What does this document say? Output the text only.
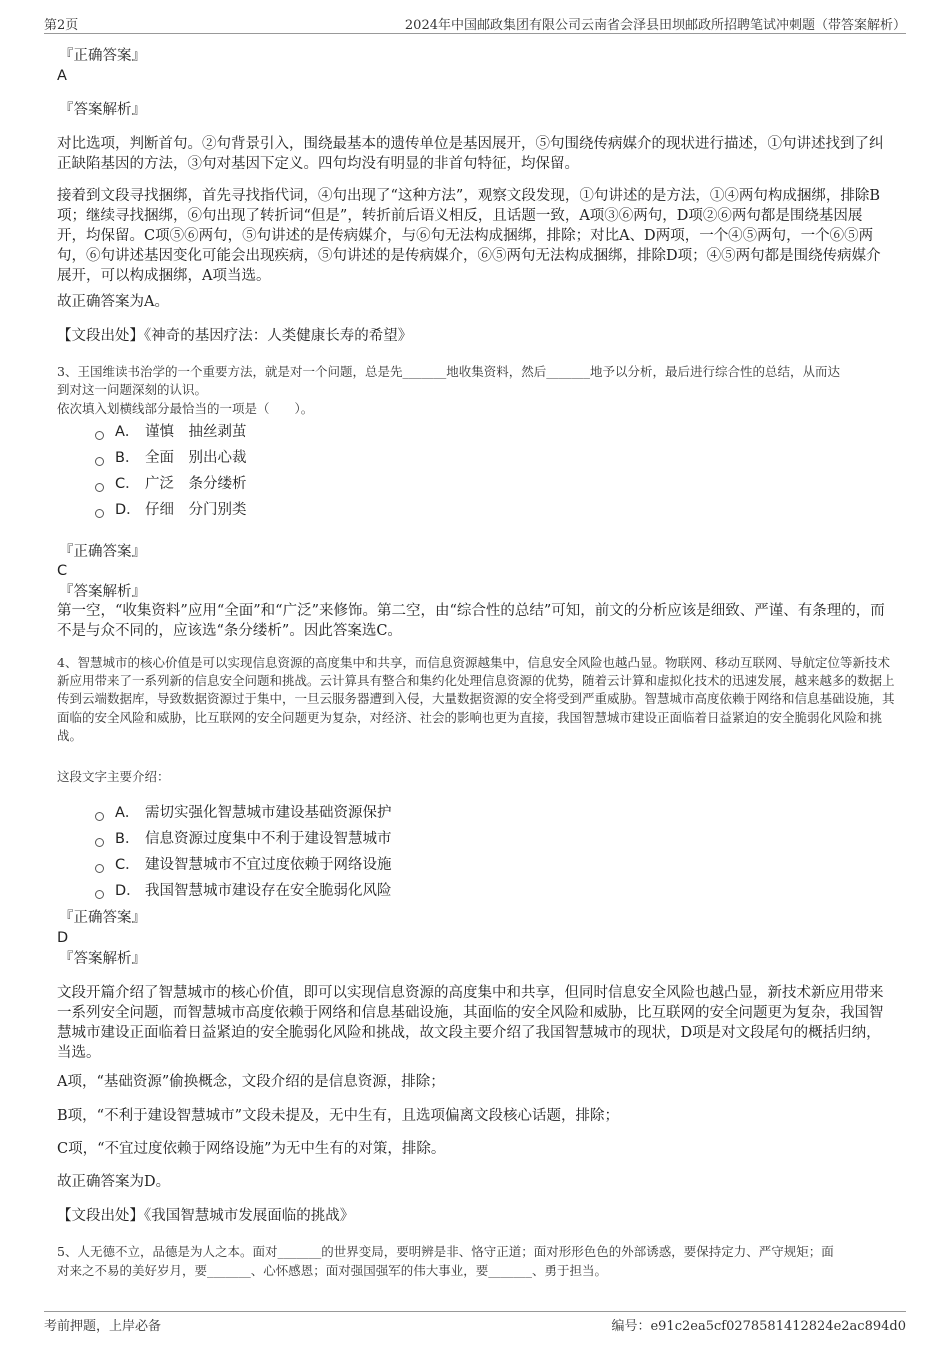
第2页	2024年中国邮政集团有限公司云南省会泽县田坝邮政所招聘笔试冲刺题（带答案解析）
『正确答案』
A
『答案解析』
对比选项，判断首句。②句背景引入，围绕最基本的遗传单位是基因展开，⑤句围绕传病媒介的现状进行描述，①句讲述找到了纠正缺陷基因的方法，③句对基因下定义。四句均没有明显的非首句特征，均保留。
接着到文段寻找捆绑，首先寻找指代词，④句出现了“这种方法”，观察文段发现，①句讲述的是方法，①④两句构成捆绑，排除B项；继续寻找捆绑，⑥句出现了转折词“但是”，转折前后语义相反，且话题一致，A项③⑥两句，D项②⑥两句都是围绕基因展开，均保留。C项⑤⑥两句，⑤句讲述的是传病媒介，与⑥句无法构成捆绑，排除；对比A、D两项，一个④⑤两句，一个⑥⑤两句，⑥句讲述基因变化可能会出现疾病，⑤句讲述的是传病媒介，⑥⑤两句无法构成捆绑，排除D项；④⑤两句都是围绕传病媒介展开，可以构成捆绑，A项当选。
故正确答案为A。
【文段出处】《神奇的基因疗法：人类健康长寿的希望》
3、王国维读书治学的一个重要方法，就是对一个问题，总是先_______地收集资料，然后_______地予以分析，最后进行综合性的总结，从而达
到对这一问题深刻的认识。
依次填入划横线部分最恰当的一项是（　　）。
A． 谨慎　抽丝剥茧
B． 全面　别出心裁
C． 广泛　条分缕析
D． 仔细　分门别类
『正确答案』
C
『答案解析』
第一空，“收集资料”应用“全面”和“广泛”来修饰。第二空，由“综合性的总结”可知，前文的分析应该是细致、严谨、有条理的，而不是与众不同的，应该选“条分缕析”。因此答案选C。
4、智慧城市的核心价值是可以实现信息资源的高度集中和共享，而信息资源越集中，信息安全风险也越凸显。物联网、移动互联网、导航定位等新技术新应用带来了一系列新的信息安全问题和挑战。云计算具有整合和集约化处理信息资源的优势，随着云计算和虚拟化技术的迅速发展，越来越多的数据上传到云端数据库，导致数据资源过于集中，一旦云服务器遭到入侵，大量数据资源的安全将受到严重威胁。智慧城市高度依赖于网络和信息基础设施，其面临的安全风险和威胁，比互联网的安全问题更为复杂，对经济、社会的影响也更为直接，我国智慧城市建设正面临着日益紧迫的安全脆弱化风险和挑战。
这段文字主要介绍：
A． 需切实强化智慧城市建设基础资源保护
B． 信息资源过度集中不利于建设智慧城市
C． 建设智慧城市不宜过度依赖于网络设施
D． 我国智慧城市建设存在安全脆弱化风险
『正确答案』
D
『答案解析』
文段开篇介绍了智慧城市的核心价值，即可以实现信息资源的高度集中和共享，但同时信息安全风险也越凸显，新技术新应用带来一系列安全问题，而智慧城市高度依赖于网络和信息基础设施，其面临的安全风险和威胁，比互联网的安全问题更为复杂，我国智慧城市建设正面临着日益紧迫的安全脆弱化风险和挑战，故文段主要介绍了我国智慧城市的现状，D项是对文段尾句的概括归纳，当选。
A项，“基础资源”偷换概念，文段介绍的是信息资源，排除；
B项，“不利于建设智慧城市”文段未提及，无中生有，且选项偏离文段核心话题，排除；
C项，“不宜过度依赖于网络设施”为无中生有的对策，排除。
故正确答案为D。
【文段出处】《我国智慧城市发展面临的挑战》
5、人无德不立，品德是为人之本。面对_______的世界变局，要明辨是非、恪守正道；面对形形色色的外部诱惑，要保持定力、严守规矩；面
对来之不易的美好岁月，要_______、心怀感恩；面对强国强军的伟大事业，要_______、勇于担当。
考前押题，上岸必备	编号：e91c2ea5cf0278581412824e2ac894d0
